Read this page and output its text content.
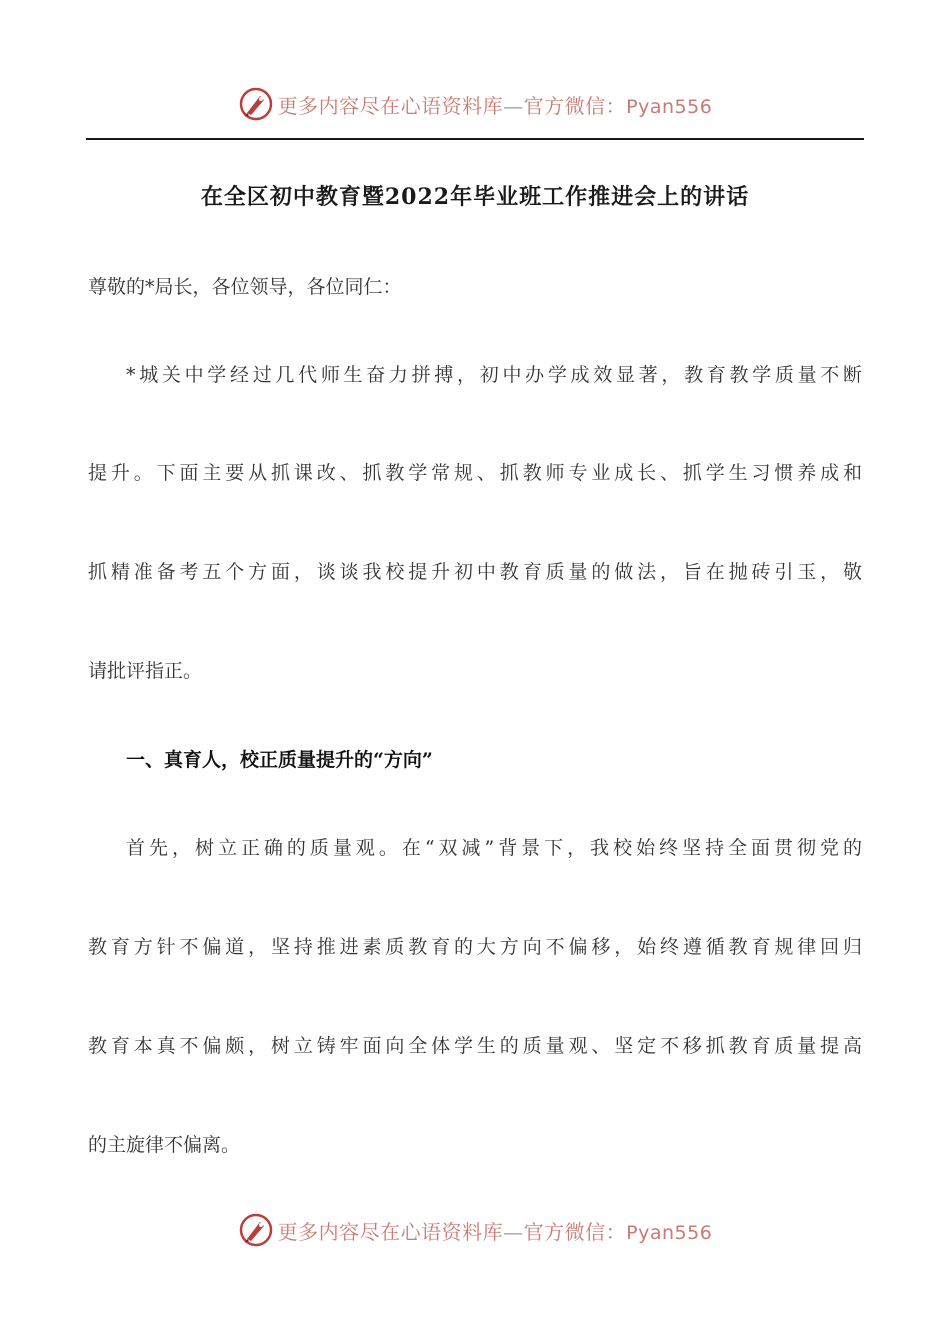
更多内容尽在心语资料库—官方微信：Pyan556
在全区初中教育暨2022年毕业班工作推进会上的讲话
尊敬的*局长，各位领导，各位同仁：
*城关中学经过几代师生奋力拼搏，初中办学成效显著，教育教学质量不断
提升。下面主要从抓课改、抓教学常规、抓教师专业成长、抓学生习惯养成和
抓精准备考五个方面，谈谈我校提升初中教育质量的做法，旨在抛砖引玉，敬
请批评指正。
一、真育人，校正质量提升的“方向”
首先，树立正确的质量观。在“双减”背景下，我校始终坚持全面贯彻党的
教育方针不偏道，坚持推进素质教育的大方向不偏移，始终遵循教育规律回归
教育本真不偏颇，树立铸牢面向全体学生的质量观、坚定不移抓教育质量提高
的主旋律不偏离。
更多内容尽在心语资料库—官方微信：Pyan556
